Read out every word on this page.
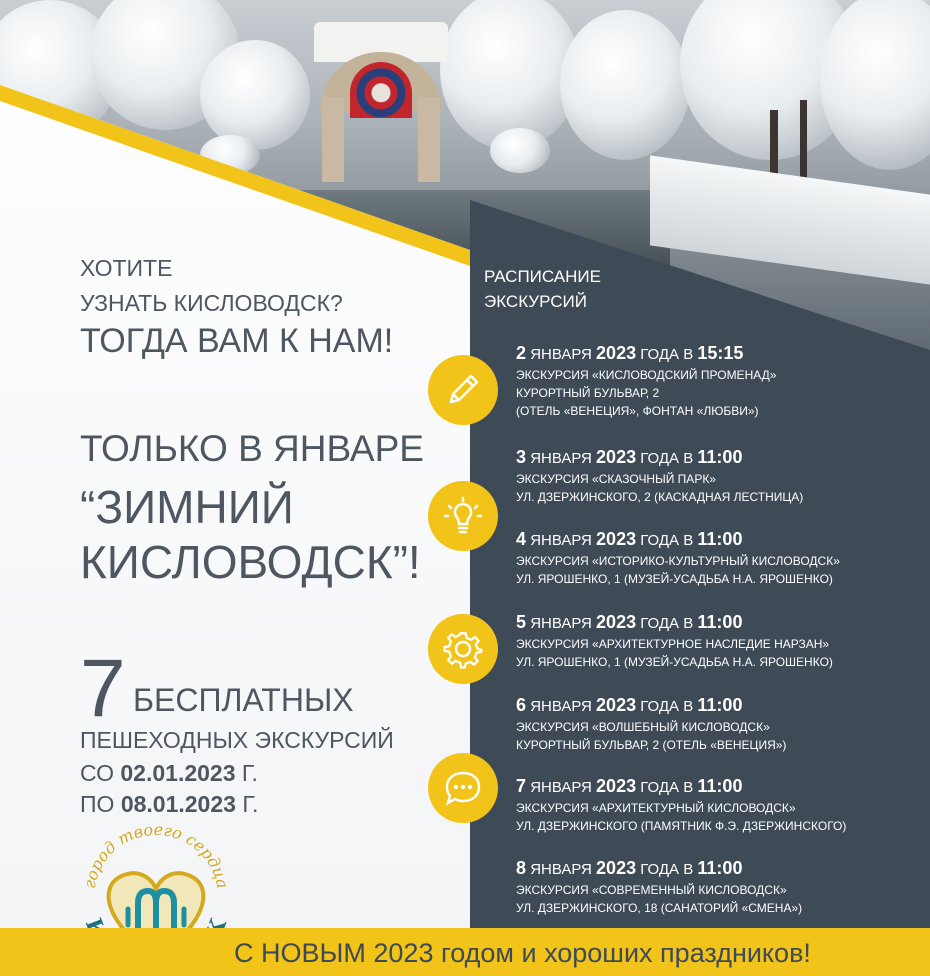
ХОТИТЕ

УЗНАТЬ КИСЛОВОДСК?

ТОГДА ВАМ К НАМ!

ТОЛЬКО В ЯНВАРЕ

“ЗИМНИЙ

КИСЛОВОДСК”!

7 БЕСПЛАТНЫХ

ПЕШЕХОДНЫХ ЭКСКУРСИЙ

СО 02.01.2023 Г.

ПО 08.01.2023 Г.

город твоего сердца
РАСПИСАНИЕ
ЭКСКУРСИЙ
2 ЯНВАРЯ 2023 ГОДА В 15:15
ЭКСКУРСИЯ «КИСЛОВОДСКИЙ ПРОМЕНАД»
КУРОРТНЫЙ БУЛЬВАР, 2
(ОТЕЛЬ «ВЕНЕЦИЯ», ФОНТАН «ЛЮБВИ»)
3 ЯНВАРЯ 2023 ГОДА В 11:00
ЭКСКУРСИЯ «СКАЗОЧНЫЙ ПАРК»
УЛ. ДЗЕРЖИНСКОГО, 2 (КАСКАДНАЯ ЛЕСТНИЦА)
4 ЯНВАРЯ 2023 ГОДА В 11:00
ЭКСКУРСИЯ «ИСТОРИКО-КУЛЬТУРНЫЙ КИСЛОВОДСК»
УЛ. ЯРОШЕНКО, 1 (МУЗЕЙ-УСАДЬБА Н.А. ЯРОШЕНКО)
5 ЯНВАРЯ 2023 ГОДА В 11:00
ЭКСКУРСИЯ «АРХИТЕКТУРНОЕ НАСЛЕДИЕ НАРЗАН»
УЛ. ЯРОШЕНКО, 1 (МУЗЕЙ-УСАДЬБА Н.А. ЯРОШЕНКО)
6 ЯНВАРЯ 2023 ГОДА В 11:00
ЭКСКУРСИЯ «ВОЛШЕБНЫЙ КИСЛОВОДСК»
КУРОРТНЫЙ БУЛЬВАР, 2 (ОТЕЛЬ «ВЕНЕЦИЯ»)
7 ЯНВАРЯ 2023 ГОДА В 11:00
ЭКСКУРСИЯ «АРХИТЕКТУРНЫЙ КИСЛОВОДСК»
УЛ. ДЗЕРЖИНСКОГО (ПАМЯТНИК Ф.Э. ДЗЕРЖИНСКОГО)
8 ЯНВАРЯ 2023 ГОДА В 11:00
ЭКСКУРСИЯ «СОВРЕМЕННЫЙ КИСЛОВОДСК»
УЛ. ДЗЕРЖИНСКОГО, 18 (САНАТОРИЙ «СМЕНА»)
С НОВЫМ 2023 годом и хороших праздников!
